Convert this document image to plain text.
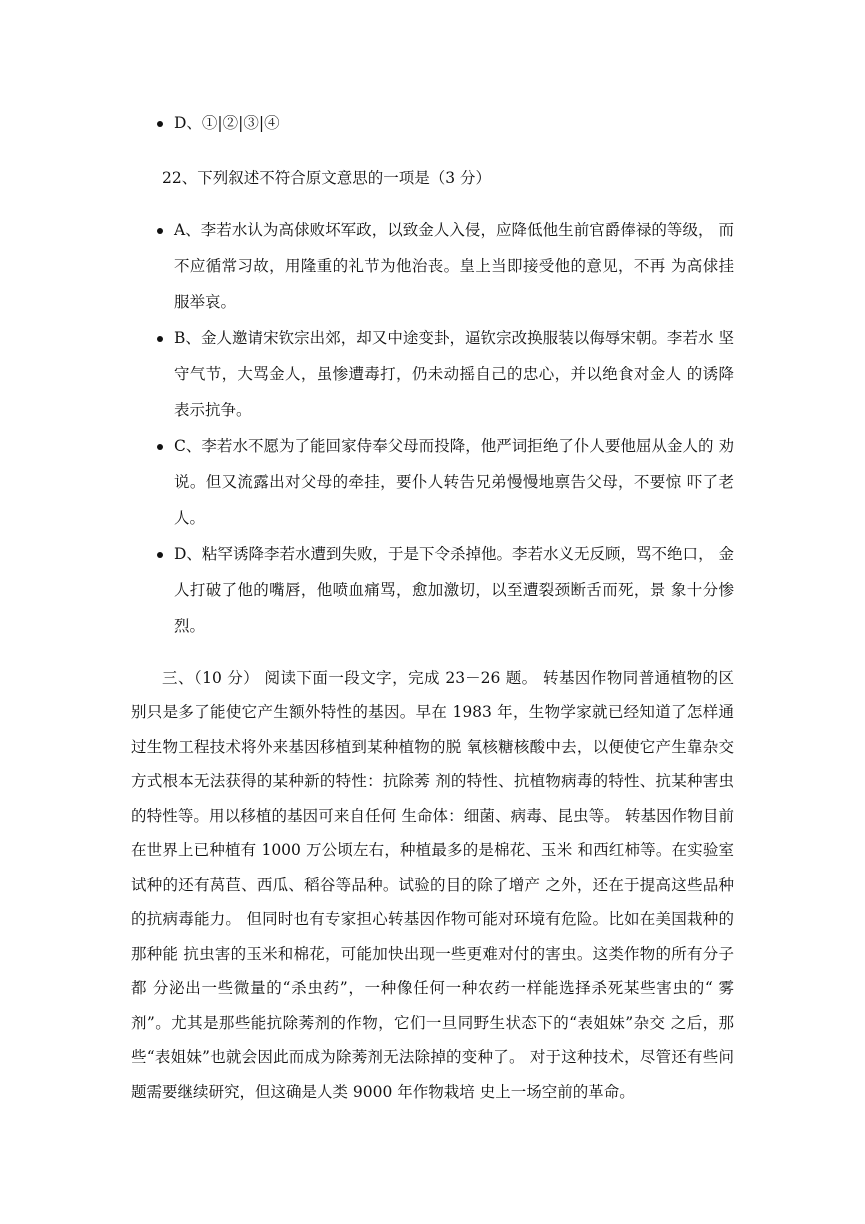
D、①|②|③|④
22、下列叙述不符合原文意思的一项是（3 分）
A、李若水认为高俅败坏军政，以致金人入侵，应降低他生前官爵俸禄的等级， 而不应循常习故，用隆重的礼节为他治丧。皇上当即接受他的意见，不再 为高俅挂服举哀。
B、金人邀请宋钦宗出郊，却又中途变卦，逼钦宗改换服装以侮辱宋朝。李若水 坚守气节，大骂金人，虽惨遭毒打，仍未动摇自己的忠心，并以绝食对金人 的诱降表示抗争。
C、李若水不愿为了能回家侍奉父母而投降，他严词拒绝了仆人要他屈从金人的 劝说。但又流露出对父母的牵挂，要仆人转告兄弟慢慢地禀告父母，不要惊 吓了老人。
D、粘罕诱降李若水遭到失败，于是下令杀掉他。李若水义无反顾，骂不绝口， 金人打破了他的嘴唇，他喷血痛骂，愈加激切，以至遭裂颈断舌而死，景 象十分惨烈。

三、（10 分） 阅读下面一段文字，完成 23－26 题。 转基因作物同普通植物的区别只是多了能使它产生额外特性的基因。早在 1983 年，生物学家就已经知道了怎样通过生物工程技术将外来基因移植到某种植物的脱 氧核糖核酸中去，以便使它产生靠杂交方式根本无法获得的某种新的特性：抗除莠 剂的特性、抗植物病毒的特性、抗某种害虫的特性等。用以移植的基因可来自任何 生命体：细菌、病毒、昆虫等。 转基因作物目前在世界上已种植有 1000 万公顷左右，种植最多的是棉花、玉米 和西红柿等。在实验室试种的还有莴苣、西瓜、稻谷等品种。试验的目的除了增产 之外，还在于提高这些品种的抗病毒能力。 但同时也有专家担心转基因作物可能对环境有危险。比如在美国栽种的那种能 抗虫害的玉米和棉花，可能加快出现一些更难对付的害虫。这类作物的所有分子都 分泌出一些微量的“杀虫药”，一种像任何一种农药一样能选择杀死某些害虫的“ 雾剂”。尤其是那些能抗除莠剂的作物，它们一旦同野生状态下的“表姐妹”杂交 之后，那些“表姐妹”也就会因此而成为除莠剂无法除掉的变种了。 对于这种技术，尽管还有些问题需要继续研究，但这确是人类 9000 年作物栽培 史上一场空前的革命。
